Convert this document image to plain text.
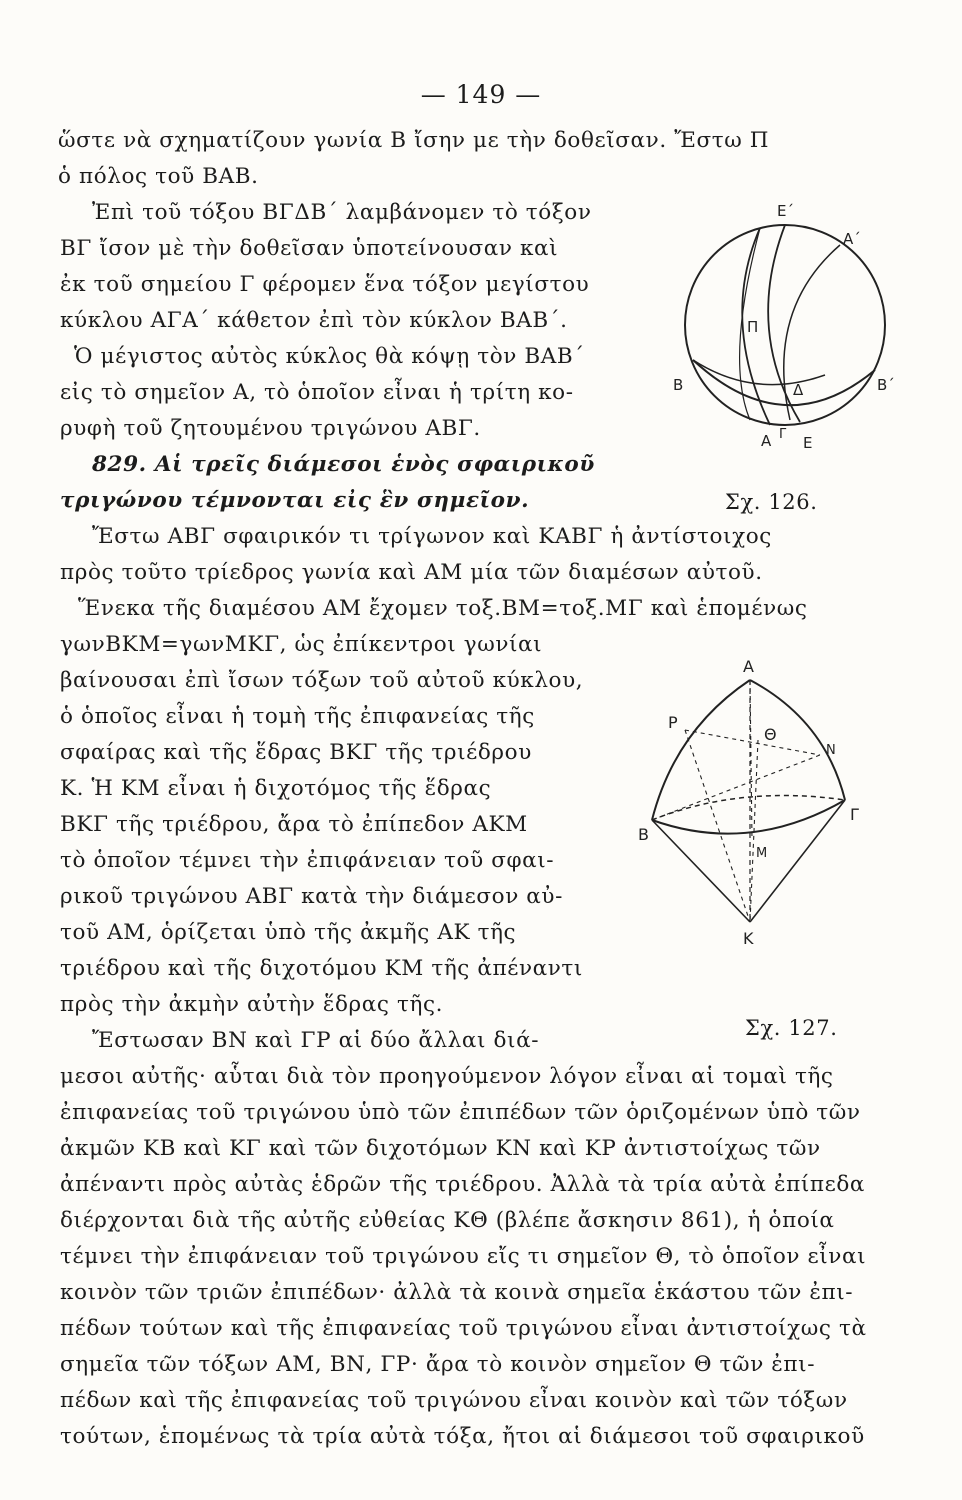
— 149 —
ὥστε νὰ σχηματίζουν γωνία Β ἴσην με τὴν δοθεῖσαν. Ἔστω Π
ὁ πόλος τοῦ ΒΑΒ.
Ἐπὶ τοῦ τόξου ΒΓΔΒ΄ λαμβάνομεν τὸ τόξον
ΒΓ ἴσον μὲ τὴν δοθεῖσαν ὑποτείνουσαν καὶ
ἐκ τοῦ σημείου Γ φέρομεν ἕνα τόξον μεγίστου
κύκλου ΑΓΑ΄ κάθετον ἐπὶ τὸν κύκλον ΒΑΒ΄.
Ὁ μέγιστος αὐτὸς κύκλος θὰ κόψῃ τὸν ΒΑΒ΄
εἰς τὸ σημεῖον Α, τὸ ὁποῖον εἶναι ἡ τρίτη κο-
ρυφὴ τοῦ ζητουμένου τριγώνου ΑΒΓ.
829. Αἱ τρεῖς διάμεσοι ἑνὸς σφαιρικοῦ
τριγώνου τέμνονται εἰς ἓν σημεῖον.	Σχ. 126.
Ἔστω ΑΒΓ σφαιρικόν τι τρίγωνον καὶ ΚΑΒΓ ἡ ἀντίστοιχος
πρὸς τοῦτο τρίεδρος γωνία καὶ ΑΜ μία τῶν διαμέσων αὐτοῦ.
Ἕνεκα τῆς διαμέσου ΑΜ ἔχομεν τοξ.ΒΜ=τοξ.ΜΓ καὶ ἑπομένως
γωνΒΚΜ=γωνΜΚΓ, ὡς ἐπίκεντροι γωνίαι
βαίνουσαι ἐπὶ ἴσων τόξων τοῦ αὐτοῦ κύκλου,
ὁ ὁποῖος εἶναι ἡ τομὴ τῆς ἐπιφανείας τῆς
σφαίρας καὶ τῆς ἕδρας ΒΚΓ τῆς τριέδρου
Κ. Ἡ ΚΜ εἶναι ἡ διχοτόμος τῆς ἕδρας
ΒΚΓ τῆς τριέδρου, ἄρα τὸ ἐπίπεδον ΑΚΜ
τὸ ὁποῖον τέμνει τὴν ἐπιφάνειαν τοῦ σφαι-
ρικοῦ τριγώνου ΑΒΓ κατὰ τὴν διάμεσον αὐ-
τοῦ ΑΜ, ὁρίζεται ὑπὸ τῆς ἀκμῆς ΑΚ τῆς
τριέδρου καὶ τῆς διχοτόμου ΚΜ τῆς ἀπέναντι
πρὸς τὴν ἀκμὴν αὐτὴν ἕδρας τῆς.
Ἔστωσαν ΒΝ καὶ ΓΡ αἱ δύο ἄλλαι διά-	Σχ. 127.
μεσοι αὐτῆς· αὗται διὰ τὸν προηγούμενον λόγον εἶναι αἱ τομαὶ τῆς
ἐπιφανείας τοῦ τριγώνου ὑπὸ τῶν ἐπιπέδων τῶν ὁριζομένων ὑπὸ τῶν
ἀκμῶν ΚΒ καὶ ΚΓ καὶ τῶν διχοτόμων ΚΝ καὶ ΚΡ ἀντιστοίχως τῶν
ἀπέναντι πρὸς αὐτὰς ἑδρῶν τῆς τριέδρου. Ἀλλὰ τὰ τρία αὐτὰ ἐπίπεδα
διέρχονται διὰ τῆς αὐτῆς εὐθείας ΚΘ (βλέπε ἄσκησιν 861), ἡ ὁποία
τέμνει τὴν ἐπιφάνειαν τοῦ τριγώνου εἴς τι σημεῖον Θ, τὸ ὁποῖον εἶναι
κοινὸν τῶν τριῶν ἐπιπέδων· ἀλλὰ τὰ κοινὰ σημεῖα ἑκάστου τῶν ἐπι-
πέδων τούτων καὶ τῆς ἐπιφανείας τοῦ τριγώνου εἶναι ἀντιστοίχως τὰ
σημεῖα τῶν τόξων ΑΜ, ΒΝ, ΓΡ· ἄρα τὸ κοινὸν σημεῖον Θ τῶν ἐπι-
πέδων καὶ τῆς ἐπιφανείας τοῦ τριγώνου εἶναι κοινὸν καὶ τῶν τόξων
τούτων, ἑπομένως τὰ τρία αὐτὰ τόξα, ἤτοι αἱ διάμεσοι τοῦ σφαιρικοῦ
Ε΄
Α΄
Π
Β	Β΄
Δ
Α Γ Ε
Α
Ρ
Θ
Β
Γ
Μ
Ν
Κ
